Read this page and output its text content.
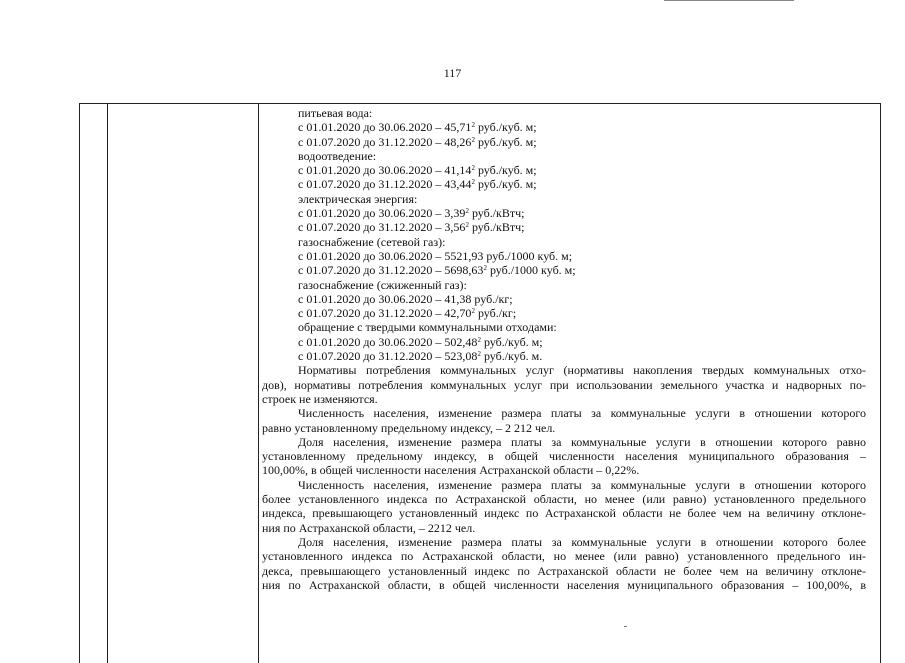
117
питьевая вода:
с 01.01.2020 до 30.06.2020 – 45,71$^2$ руб./куб. м;
с 01.07.2020 до 31.12.2020 – 48,26$^2$ руб./куб. м;
водоотведение:
с 01.01.2020 до 30.06.2020 – 41,14$^2$ руб./куб. м;
с 01.07.2020 до 31.12.2020 – 43,44$^2$ руб./куб. м;
электрическая энергия:
с 01.01.2020 до 30.06.2020 – 3,39$^2$ руб./кВтч;
с 01.07.2020 до 31.12.2020 – 3,56$^2$ руб./кВтч;
газоснабжение (сетевой газ):
с 01.01.2020 до 30.06.2020 – 5521,93 руб./1000 куб. м;
с 01.07.2020 до 31.12.2020 – 5698,63$^2$ руб./1000 куб. м;
газоснабжение (сжиженный газ):
с 01.01.2020 до 30.06.2020 – 41,38 руб./кг;
с 01.07.2020 до 31.12.2020 – 42,70$^2$ руб./кг;
обращение с твердыми коммунальными отходами:
с 01.01.2020 до 30.06.2020 – 502,48$^2$ руб./куб. м;
с 01.07.2020 до 31.12.2020 – 523,08$^2$ руб./куб. м.
Нормативы потребления коммунальных услуг (нормативы накопления твердых коммунальных отхо-
дов), нормативы потребления коммунальных услуг при использовании земельного участка и надворных по-
строек не изменяются.
Численность населения, изменение размера платы за коммунальные услуги в отношении которого
равно установленному предельному индексу, – 2 212 чел.
Доля населения, изменение размера платы за коммунальные услуги в отношении которого равно
установленному предельному индексу, в общей численности населения муниципального образования –
100,00%, в общей численности населения Астраханской области – 0,22%.
Численность населения, изменение размера платы за коммунальные услуги в отношении которого
более установленного индекса по Астраханской области, но менее (или равно) установленного предельного
индекса, превышающего установленный индекс по Астраханской области не более чем на величину отклоне-
ния по Астраханской области, – 2212 чел.
Доля населения, изменение размера платы за коммунальные услуги в отношении которого более
установленного индекса по Астраханской области, но менее (или равно) установленного предельного ин-
декса, превышающего установленный индекс по Астраханской области не более чем на величину отклоне-
ния по Астраханской области, в общей численности населения муниципального образования – 100,00%, в
